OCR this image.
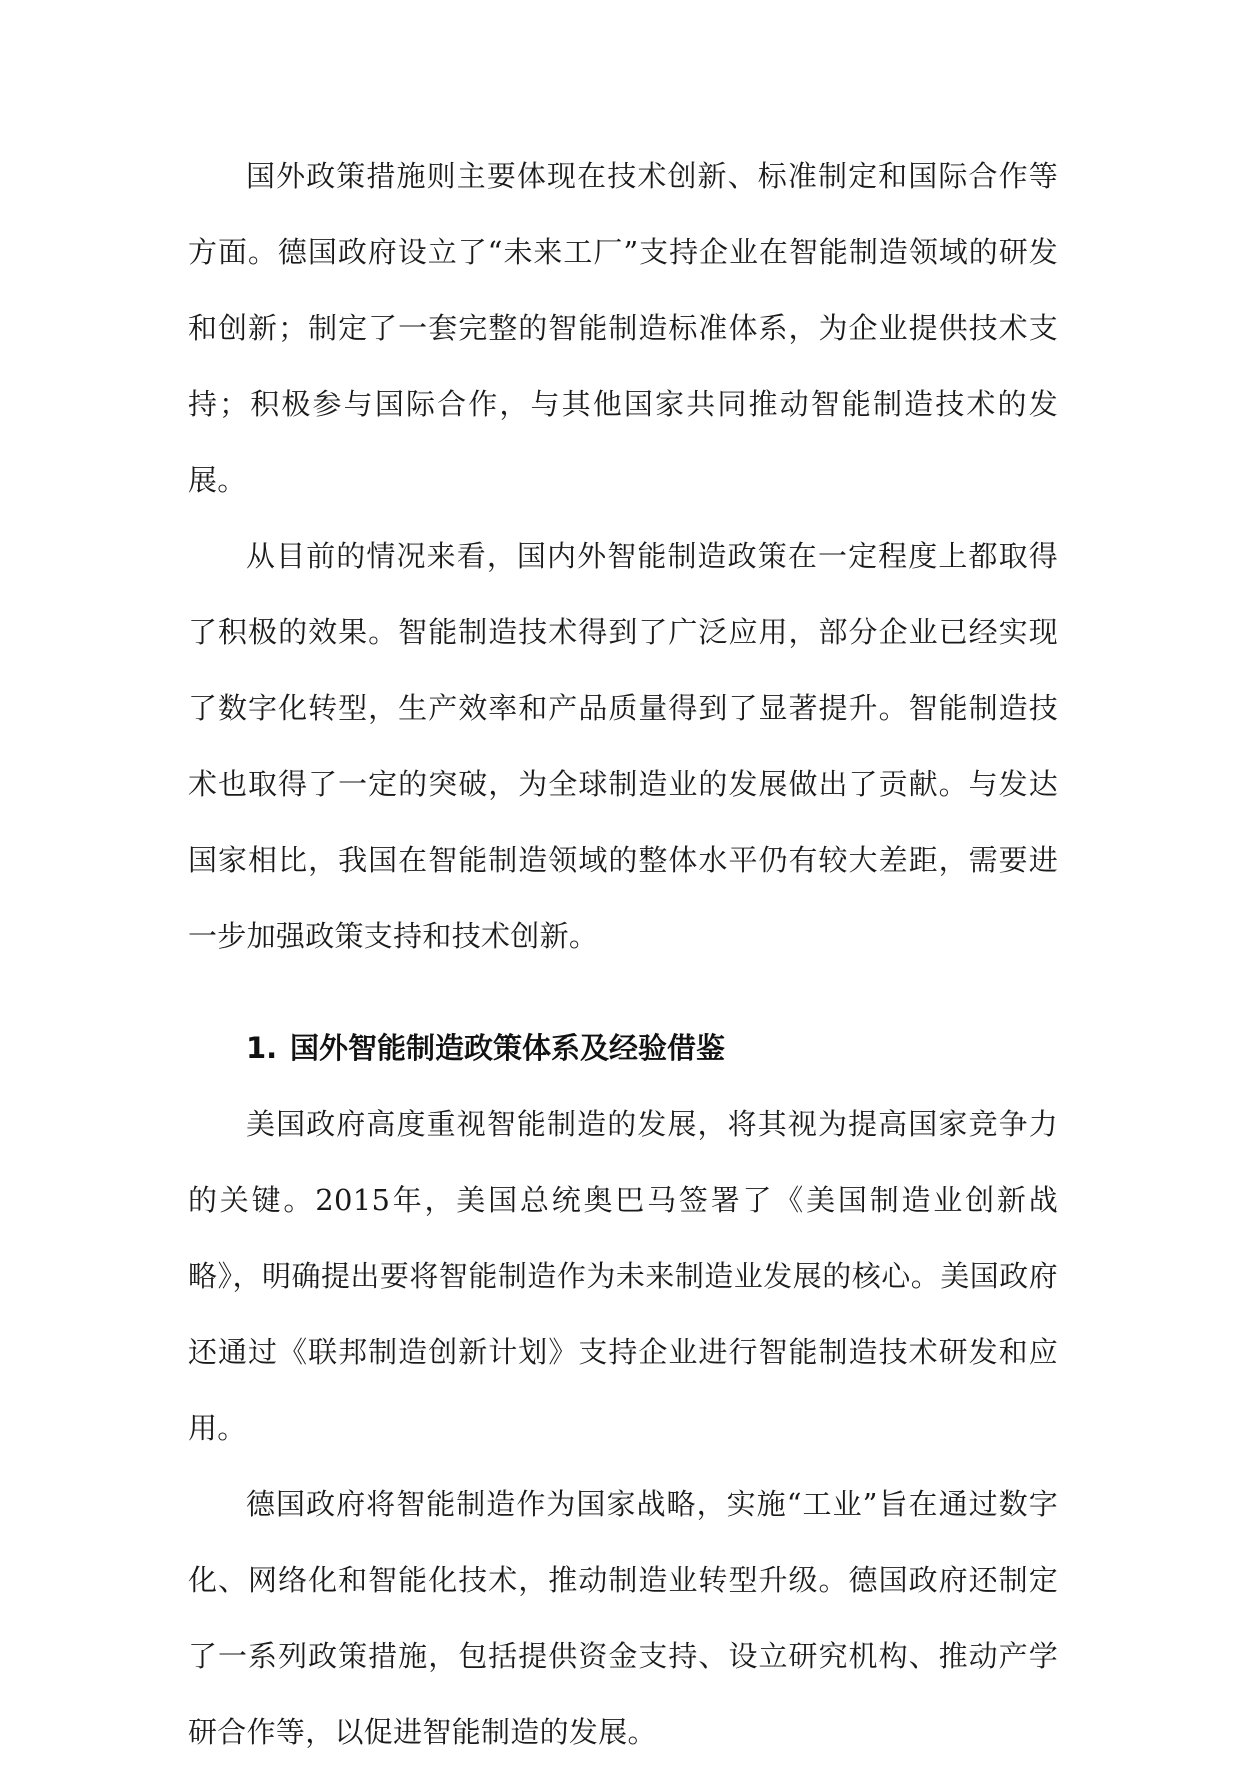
国外政策措施则主要体现在技术创新、标准制定和国际合作等方面。德国政府设立了“未来工厂”支持企业在智能制造领域的研发和创新；制定了一套完整的智能制造标准体系，为企业提供技术支持；积极参与国际合作，与其他国家共同推动智能制造技术的发展。

从目前的情况来看，国内外智能制造政策在一定程度上都取得了积极的效果。智能制造技术得到了广泛应用，部分企业已经实现了数字化转型，生产效率和产品质量得到了显著提升。智能制造技术也取得了一定的突破，为全球制造业的发展做出了贡献。与发达国家相比，我国在智能制造领域的整体水平仍有较大差距，需要进一步加强政策支持和技术创新。

1. 国外智能制造政策体系及经验借鉴

美国政府高度重视智能制造的发展，将其视为提高国家竞争力的关键。2015年，美国总统奥巴马签署了《美国制造业创新战略》，明确提出要将智能制造作为未来制造业发展的核心。美国政府还通过《联邦制造创新计划》支持企业进行智能制造技术研发和应用。

德国政府将智能制造作为国家战略，实施“工业”旨在通过数字化、网络化和智能化技术，推动制造业转型升级。德国政府还制定了一系列政策措施，包括提供资金支持、设立研究机构、推动产学研合作等，以促进智能制造的发展。
